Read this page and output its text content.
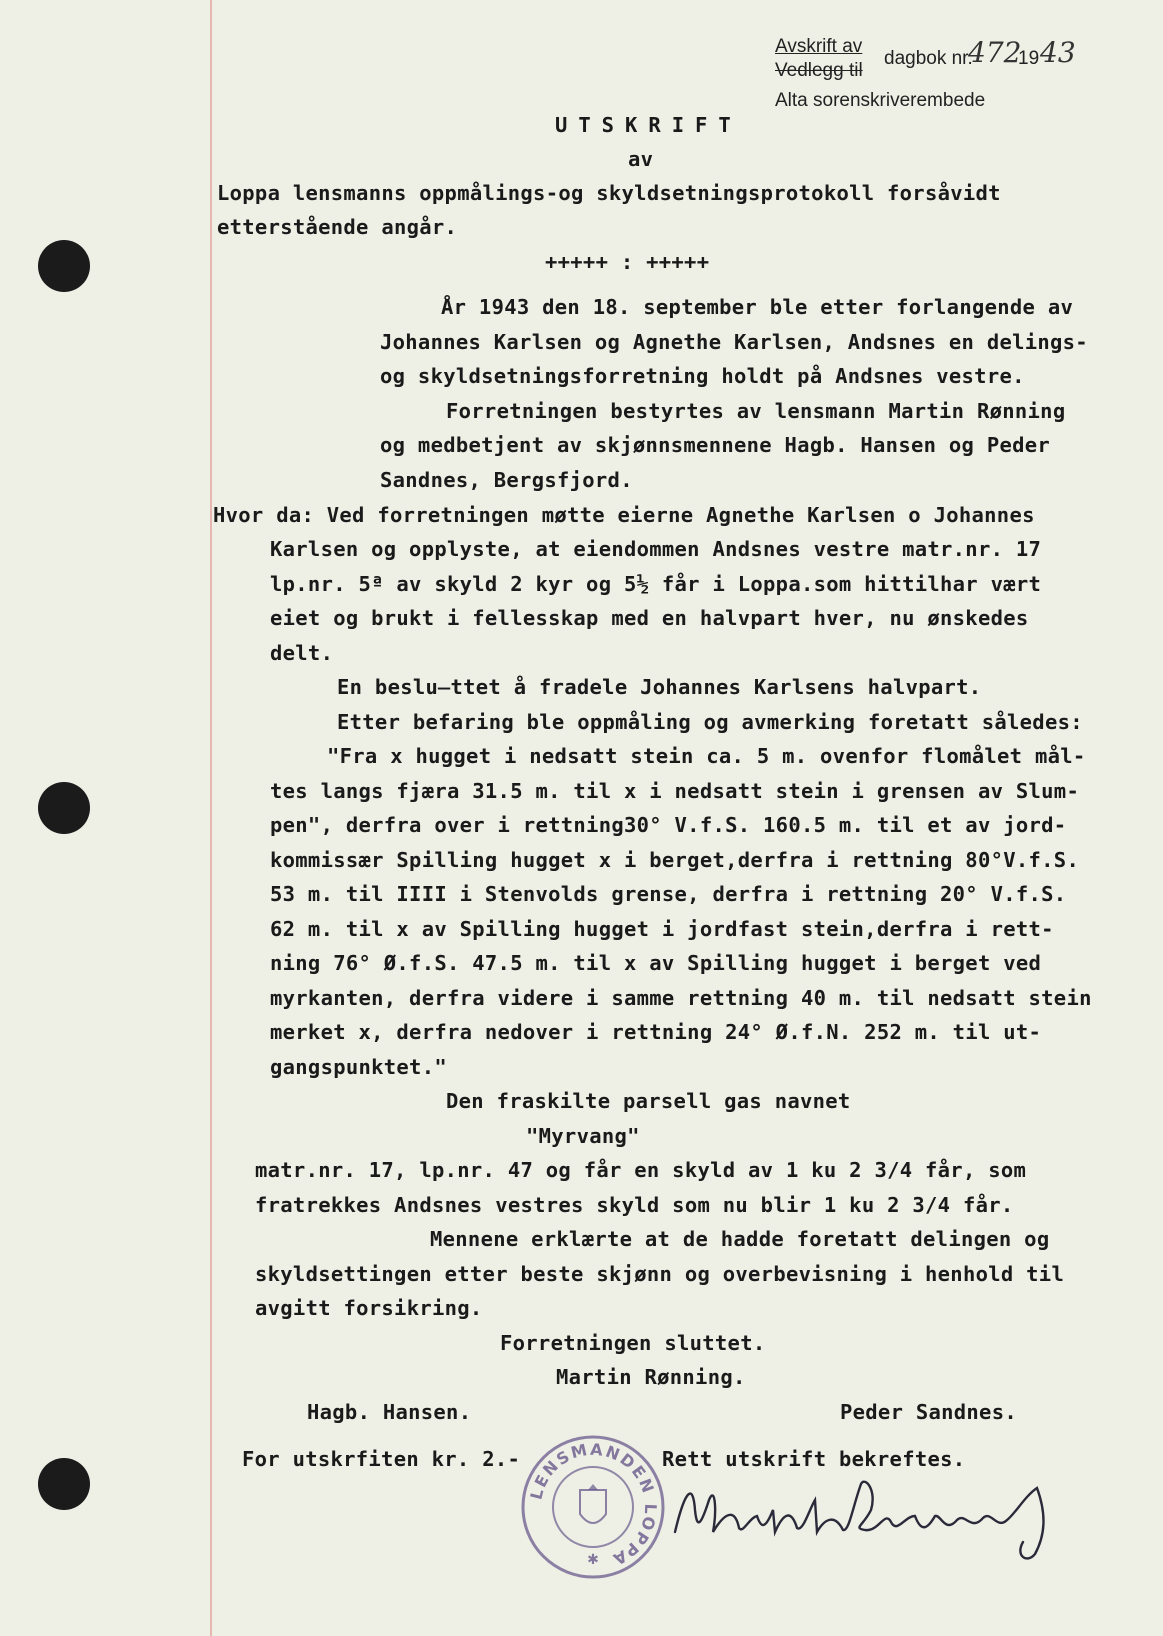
Avskrift av
Vedlegg til
dagbok nr.
472
19 43
Alta sorenskriverembede
UTSKRIFT
av
Loppa lensmanns oppmålings-og skyldsetningsprotokoll forsåvidt
etterstående angår.
+++++ : +++++
År 1943 den 18. september ble etter forlangende av
Johannes Karlsen og Agnethe Karlsen, Andsnes en delings-
og skyldsetningsforretning holdt på Andsnes vestre.
Forretningen bestyrtes av lensmann Martin Rønning
og medbetjent av skjønnsmennene Hagb. Hansen og Peder
Sandnes, Bergsfjord.
Hvor da: Ved forretningen møtte eierne Agnethe Karlsen o Johannes
Karlsen og opplyste, at eiendommen Andsnes vestre matr.nr. 17
lp.nr. 5ª av skyld 2 kyr og 5½ får i Loppa.som hittilhar vært
eiet og brukt i fellesskap med en halvpart hver, nu ønskedes
delt.
En beslu̶ttet å fradele Johannes Karlsens halvpart.
Etter befaring ble oppmåling og avmerking foretatt således:
"Fra x hugget i nedsatt stein ca. 5 m. ovenfor flomålet mål-
tes langs fjæra 31.5 m. til x i nedsatt stein i grensen av Slum-
pen", derfra over i rettning30° V.f.S. 160.5 m. til et av jord-
kommissær Spilling hugget x i berget,derfra i rettning 80°V.f.S.
53 m. til IIII i Stenvolds grense, derfra i rettning 20° V.f.S.
62 m. til x av Spilling hugget i jordfast stein,derfra i rett-
ning 76° Ø.f.S. 47.5 m. til x av Spilling hugget i berget ved
myrkanten, derfra videre i samme rettning 40 m. til nedsatt stein
merket x, derfra nedover i rettning 24° Ø.f.N. 252 m. til ut-
gangspunktet."
Den fraskilte parsell gas navnet
"Myrvang"
matr.nr. 17, lp.nr. 47 og får en skyld av 1 ku 2 3/4 får, som
fratrekkes Andsnes vestres skyld som nu blir 1 ku 2 3/4 får.
Mennene erklærte at de hadde foretatt delingen og
skyldsettingen etter beste skjønn og overbevisning i henhold til
avgitt forsikring.
Forretningen sluttet.
Martin Rønning.
Hagb. Hansen.	Peder Sandnes.
For utskrfiten kr. 2.-	Rett utskrift bekreftes.
LENSMANDEN LOPPA
✱
